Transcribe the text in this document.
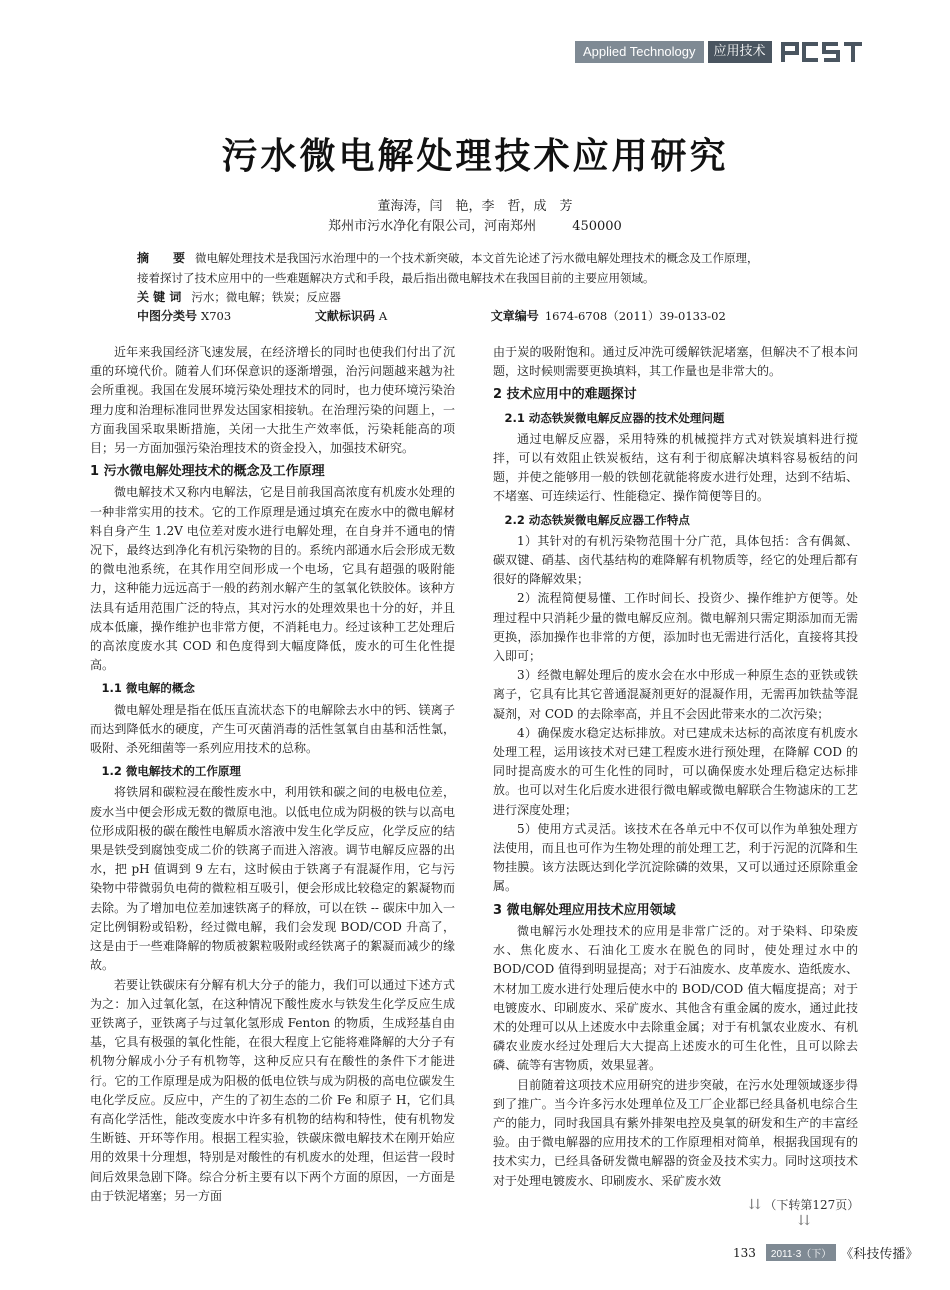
Applied Technology	应用技术
污水微电解处理技术应用研究
董海涛，闫　艳，李　哲，成　芳
郑州市污水净化有限公司，河南郑州	450000
摘　　要 微电解处理技术是我国污水治理中的一个技术新突破，本文首先论述了污水微电解处理技术的概念及工作原理，
接着探讨了技术应用中的一些难题解决方式和手段，最后指出微电解技术在我国目前的主要应用领域。
关 键 词 污水；微电解；铁炭；反应器
中图分类号 X703	文献标识码 A	文章编号 1674-6708（2011）39-0133-02

近年来我国经济飞速发展，在经济增长的同时也使我们付出了沉重的环境代价。随着人们环保意识的逐渐增强，治污问题越来越为社会所重视。我国在发展环境污染处理技术的同时，也力使环境污染治理力度和治理标准同世界发达国家相接轨。在治理污染的问题上，一方面我国采取果断措施，关闭一大批生产效率低，污染耗能高的项目；另一方面加强污染治理技术的资金投入，加强技术研究。

1 污水微电解处理技术的概念及工作原理

微电解技术又称内电解法，它是目前我国高浓度有机废水处理的一种非常实用的技术。它的工作原理是通过填充在废水中的微电解材料自身产生 1.2V 电位差对废水进行电解处理，在自身并不通电的情况下，最终达到净化有机污染物的目的。系统内部通水后会形成无数的微电池系统，在其作用空间形成一个电场，它具有超强的吸附能力，这种能力远远高于一般的药剂水解产生的氢氧化铁胶体。该种方法具有适用范围广泛的特点，其对污水的处理效果也十分的好，并且成本低廉，操作维护也非常方便，不消耗电力。经过该种工艺处理后的高浓度废水其 COD 和色度得到大幅度降低，废水的可生化性提高。

1.1 微电解的概念

微电解处理是指在低压直流状态下的电解除去水中的钙、镁离子而达到降低水的硬度，产生可灭菌消毒的活性氢氧自由基和活性氯，吸附、杀死细菌等一系列应用技术的总称。

1.2 微电解技术的工作原理

将铁屑和碳粒浸在酸性废水中，利用铁和碳之间的电极电位差，废水当中便会形成无数的微原电池。以低电位成为阴极的铁与以高电位形成阳极的碳在酸性电解质水溶液中发生化学反应，化学反应的结果是铁受到腐蚀变成二价的铁离子而进入溶液。调节电解反应器的出水，把 pH 值调到 9 左右，这时候由于铁离子有混凝作用，它与污染物中带微弱负电荷的微粒相互吸引，便会形成比较稳定的絮凝物而去除。为了增加电位差加速铁离子的释放，可以在铁 -- 碳床中加入一定比例铜粉或铅粉，经过微电解，我们会发现 BOD/COD 升高了，这是由于一些难降解的物质被絮粒吸附或经铁离子的絮凝而减少的缘故。

若要让铁碳床有分解有机大分子的能力，我们可以通过下述方式为之：加入过氧化氢，在这种情况下酸性废水与铁发生化学反应生成亚铁离子，亚铁离子与过氧化氢形成 Fenton 的物质，生成羟基自由基，它具有极强的氧化性能，在很大程度上它能将难降解的大分子有机物分解成小分子有机物等，这种反应只有在酸性的条件下才能进行。它的工作原理是成为阳极的低电位铁与成为阴极的高电位碳发生电化学反应。反应中，产生的了初生态的二价 Fe 和原子 H，它们具有高化学活性，能改变废水中许多有机物的结构和特性，使有机物发生断链、开环等作用。根据工程实验，铁碳床微电解技术在刚开始应用的效果十分理想，特别是对酸性的有机废水的处理，但运营一段时间后效果急剧下降。综合分析主要有以下两个方面的原因，一方面是由于铁泥堵塞；另一方面

由于炭的吸附饱和。通过反冲洗可缓解铁泥堵塞，但解决不了根本问题，这时候则需要更换填料，其工作量也是非常大的。

2 技术应用中的难题探讨
2.1 动态铁炭微电解反应器的技术处理问题

通过电解反应器，采用特殊的机械搅拌方式对铁炭填料进行搅拌，可以有效阻止铁炭板结，这有利于彻底解决填料容易板结的问题，并使之能够用一般的铁刨花就能将废水进行处理，达到不结垢、不堵塞、可连续运行、性能稳定、操作简便等目的。

2.2 动态铁炭微电解反应器工作特点

1）其针对的有机污染物范围十分广范，具体包括：含有偶氮、碳双键、硝基、卤代基结构的难降解有机物质等，经它的处理后都有很好的降解效果；

2）流程简便易懂、工作时间长、投资少、操作维护方便等。处理过程中只消耗少量的微电解反应剂。微电解剂只需定期添加而无需更换，添加操作也非常的方便，添加时也无需进行活化，直接将其投入即可；

3）经微电解处理后的废水会在水中形成一种原生态的亚铁或铁离子，它具有比其它普通混凝剂更好的混凝作用，无需再加铁盐等混凝剂，对 COD 的去除率高，并且不会因此带来水的二次污染；

4）确保废水稳定达标排放。对已建成未达标的高浓度有机废水处理工程，运用该技术对已建工程废水进行预处理，在降解 COD 的同时提高废水的可生化性的同时，可以确保废水处理后稳定达标排放。也可以对生化后废水进很行微电解或微电解联合生物滤床的工艺进行深度处理；

5）使用方式灵活。该技术在各单元中不仅可以作为单独处理方法使用，而且也可作为生物处理的前处理工艺，利于污泥的沉降和生物挂膜。该方法既达到化学沉淀除磷的效果，又可以通过还原除重金属。

3 微电解处理应用技术应用领域

微电解污水处理技术的应用是非常广泛的。对于染料、印染废水、焦化废水、石油化工废水在脱色的同时，使处理过水中的 BOD/COD 值得到明显提高；对于石油废水、皮革废水、造纸废水、木材加工废水进行处理后使水中的 BOD/COD 值大幅度提高；对于电镀废水、印刷废水、采矿废水、其他含有重金属的废水，通过此技术的处理可以从上述废水中去除重金属；对于有机氯农业废水、有机磷农业废水经过处理后大大提高上述废水的可生化性，且可以除去磷、硫等有害物质，效果显著。

目前随着这项技术应用研究的进步突破，在污水处理领域逐步得到了推广。当今许多污水处理单位及工厂企业都已经具备机电综合生产的能力，同时我国具有紫外排架电控及臭氧的研发和生产的丰富经验。由于微电解器的应用技术的工作原理相对简单，根据我国现有的技术实力，已经具备研发微电解器的资金及技术实力。同时这项技术对于处理电镀废水、印刷废水、采矿废水效

⇊ （下转第127页） ⇊
133	2011·3（下） 《科技传播》
